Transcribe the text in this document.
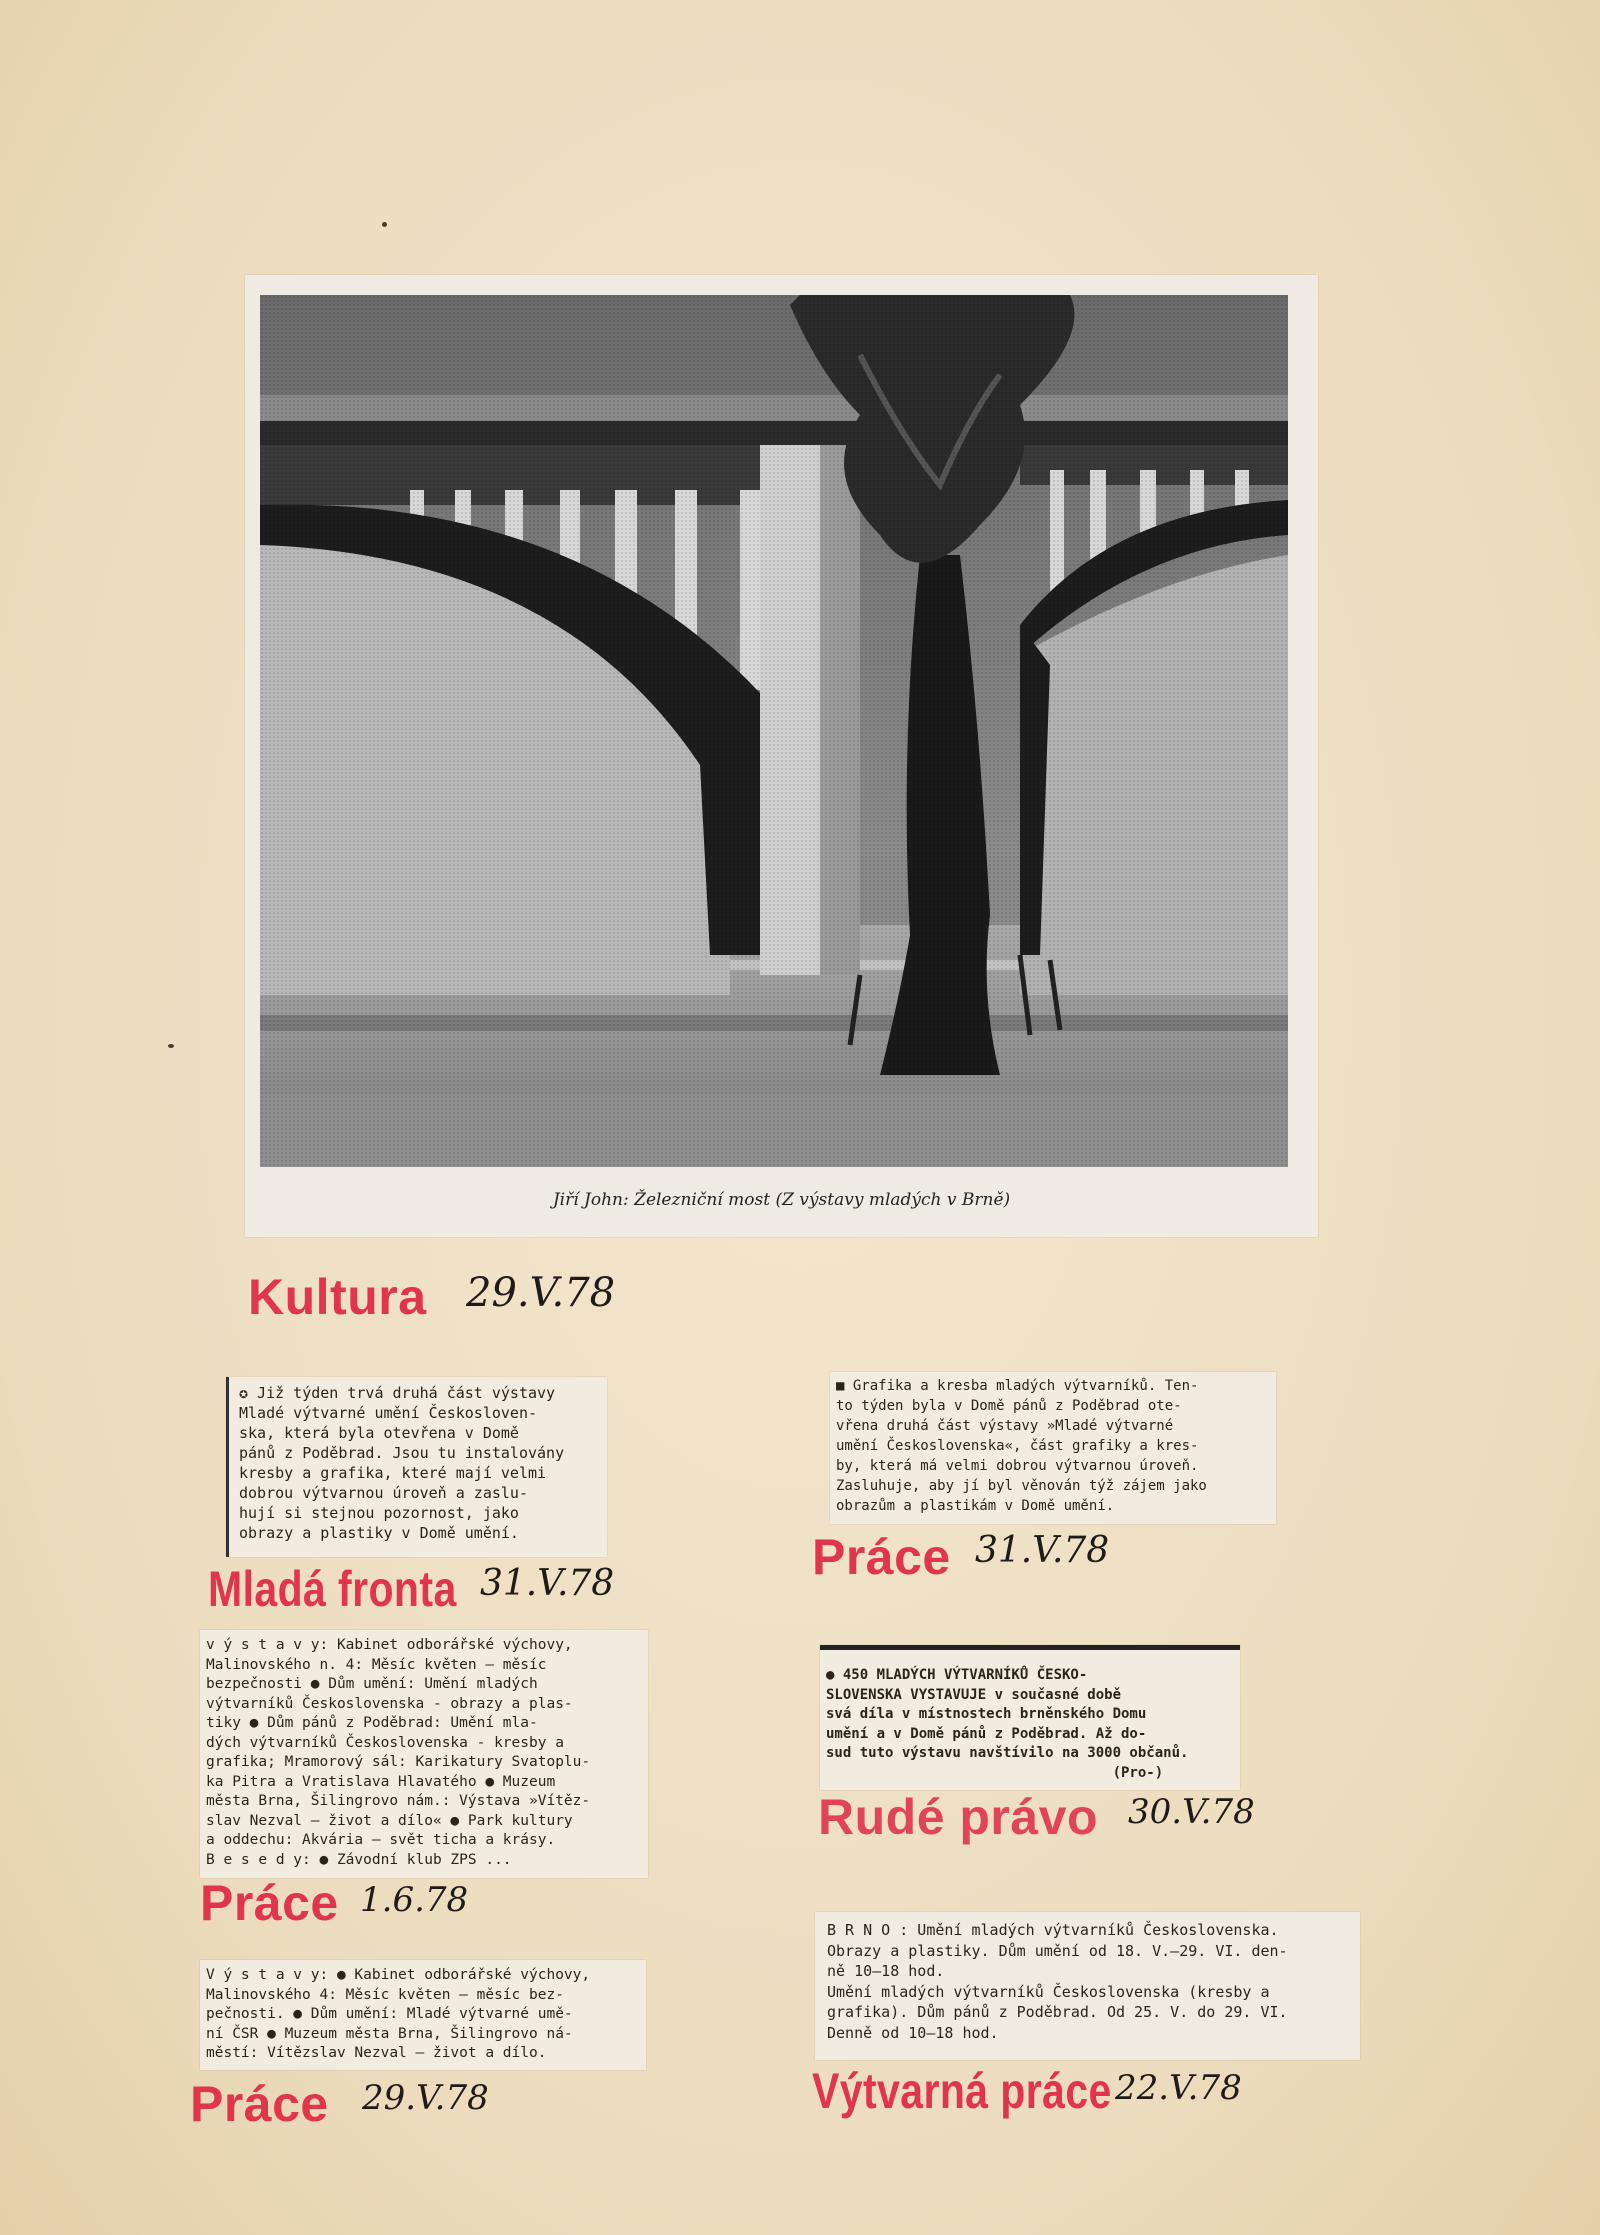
Jiří John: Železniční most (Z výstavy mladých v Brně)
Kultura 29.V.78

✪ Již týden trvá druhá část výstavy
Mladé výtvarné umění Českosloven-
ska, která byla otevřena v Domě
pánů z Poděbrad. Jsou tu instalovány
kresby a grafika, které mají velmi
dobrou výtvarnou úroveň a zaslu-
hují si stejnou pozornost, jako
obrazy a plastiky v Domě umění.

Mladá fronta 31.V.78

■ Grafika a kresba mladých výtvarníků. Ten-
to týden byla v Domě pánů z Poděbrad ote-
vřena druhá část výstavy »Mladé výtvarné
umění Československa«, část grafiky a kres-
by, která má velmi dobrou výtvarnou úroveň.
Zasluhuje, aby jí byl věnován týž zájem jako
obrazům a plastikám v Domě umění.

Práce 31.V.78

v ý s t a v y: Kabinet odborářské výchovy,
Malinovského n. 4: Měsíc květen — měsíc
bezpečnosti ● Dům umění: Umění mladých
výtvarníků Československa - obrazy a plas-
tiky ● Dům pánů z Poděbrad: Umění mla-
dých výtvarníků Československa - kresby a
grafika; Mramorový sál: Karikatury Svatoplu-
ka Pitra a Vratislava Hlavatého ● Muzeum
města Brna, Šilingrovo nám.: Výstava »Vítěz-
slav Nezval — život a dílo« ● Park kultury
a oddechu: Akvária — svět ticha a krásy.
B e s e d y: ● Závodní klub ZPS ...

Práce 1.6.78

● 450 MLADÝCH VÝTVARNÍKŮ ČESKO-
SLOVENSKA VYSTAVUJE v současné době
svá díla v místnostech brněnského Domu
umění a v Domě pánů z Poděbrad. Až do-
sud tuto výstavu navštívilo na 3000 občanů.
(Pro-)

Rudé právo 30.V.78

V ý s t a v y: ● Kabinet odborářské výchovy,
Malinovského 4: Měsíc květen — měsíc bez-
pečnosti. ● Dům umění: Mladé výtvarné umě-
ní ČSR ● Muzeum města Brna, Šilingrovo ná-
městí: Vítězslav Nezval — život a dílo.

Práce 29.V.78

B R N O : Umění mladých výtvarníků Československa.
Obrazy a plastiky. Dům umění od 18. V.—29. VI. den-
ně 10—18 hod.
Umění mladých výtvarníků Československa (kresby a
grafika). Dům pánů z Poděbrad. Od 25. V. do 29. VI.
Denně od 10—18 hod.

Výtvarná práce 22.V.78
